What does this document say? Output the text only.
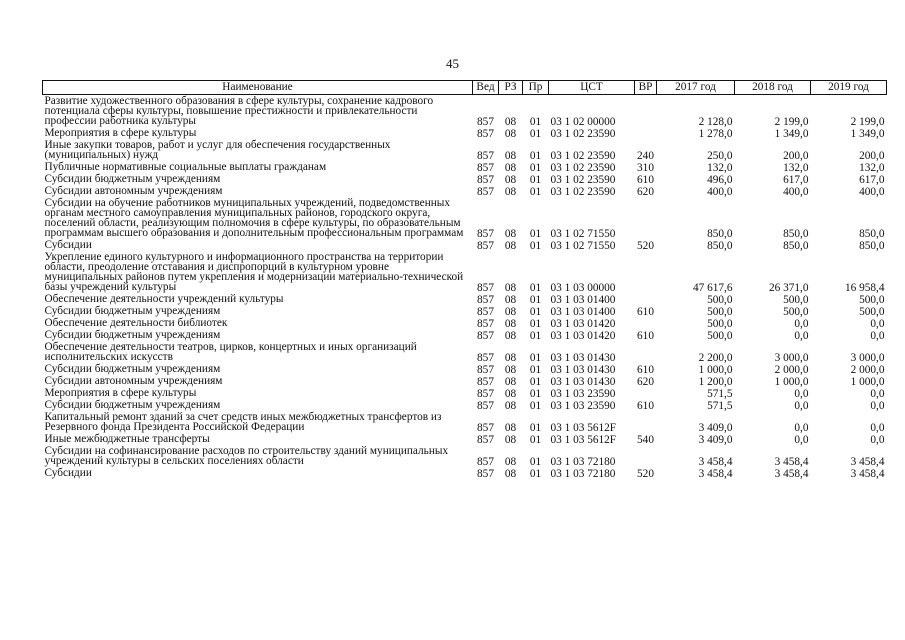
45
Наименование	Вед	РЗ	Пр	ЦСТ	ВР	2017 год	2018 год	2019 год
Развитие художественного образования в сфере культуры, сохранение кадрового потенциала сферы культуры, повышение престижности и привлекательности профессии работника культуры	857	08	01	03 1 02 00000		2 128,0	2 199,0	2 199,0
Мероприятия в сфере культуры	857	08	01	03 1 02 23590		1 278,0	1 349,0	1 349,0
Иные закупки товаров, работ и услуг для обеспечения государственных (муниципальных) нужд	857	08	01	03 1 02 23590	240	250,0	200,0	200,0
Публичные нормативные социальные выплаты гражданам	857	08	01	03 1 02 23590	310	132,0	132,0	132,0
Субсидии бюджетным учреждениям	857	08	01	03 1 02 23590	610	496,0	617,0	617,0
Субсидии автономным учреждениям	857	08	01	03 1 02 23590	620	400,0	400,0	400,0
Субсидии на обучение работников муниципальных учреждений, подведомственных органам местного самоуправления муниципальных районов, городского округа, поселений области, реализующим полномочия в сфере культуры, по образовательным программам высшего образования и дополнительным профессиональным программам	857	08	01	03 1 02 71550		850,0	850,0	850,0
Субсидии	857	08	01	03 1 02 71550	520	850,0	850,0	850,0
Укрепление единого культурного и информационного пространства на территории области, преодоление отставания и диспропорций в культурном уровне муниципальных районов путем укрепления и модернизации материально-технической базы учреждений культуры	857	08	01	03 1 03 00000		47 617,6	26 371,0	16 958,4
Обеспечение деятельности учреждений культуры	857	08	01	03 1 03 01400		500,0	500,0	500,0
Субсидии бюджетным учреждениям	857	08	01	03 1 03 01400	610	500,0	500,0	500,0
Обеспечение деятельности библиотек	857	08	01	03 1 03 01420		500,0	0,0	0,0
Субсидии бюджетным учреждениям	857	08	01	03 1 03 01420	610	500,0	0,0	0,0
Обеспечение деятельности театров, цирков, концертных и иных организаций исполнительских искусств	857	08	01	03 1 03 01430		2 200,0	3 000,0	3 000,0
Субсидии бюджетным учреждениям	857	08	01	03 1 03 01430	610	1 000,0	2 000,0	2 000,0
Субсидии автономным учреждениям	857	08	01	03 1 03 01430	620	1 200,0	1 000,0	1 000,0
Мероприятия в сфере культуры	857	08	01	03 1 03 23590		571,5	0,0	0,0
Субсидии бюджетным учреждениям	857	08	01	03 1 03 23590	610	571,5	0,0	0,0
Капитальный ремонт зданий за счет средств иных межбюджетных трансфертов из Резервного фонда Президента Российской Федерации	857	08	01	03 1 03 5612F		3 409,0	0,0	0,0
Иные межбюджетные трансферты	857	08	01	03 1 03 5612F	540	3 409,0	0,0	0,0
Субсидии на софинансирование расходов по строительству зданий муниципальных учреждений культуры в сельских поселениях области	857	08	01	03 1 03 72180		3 458,4	3 458,4	3 458,4
Субсидии	857	08	01	03 1 03 72180	520	3 458,4	3 458,4	3 458,4
